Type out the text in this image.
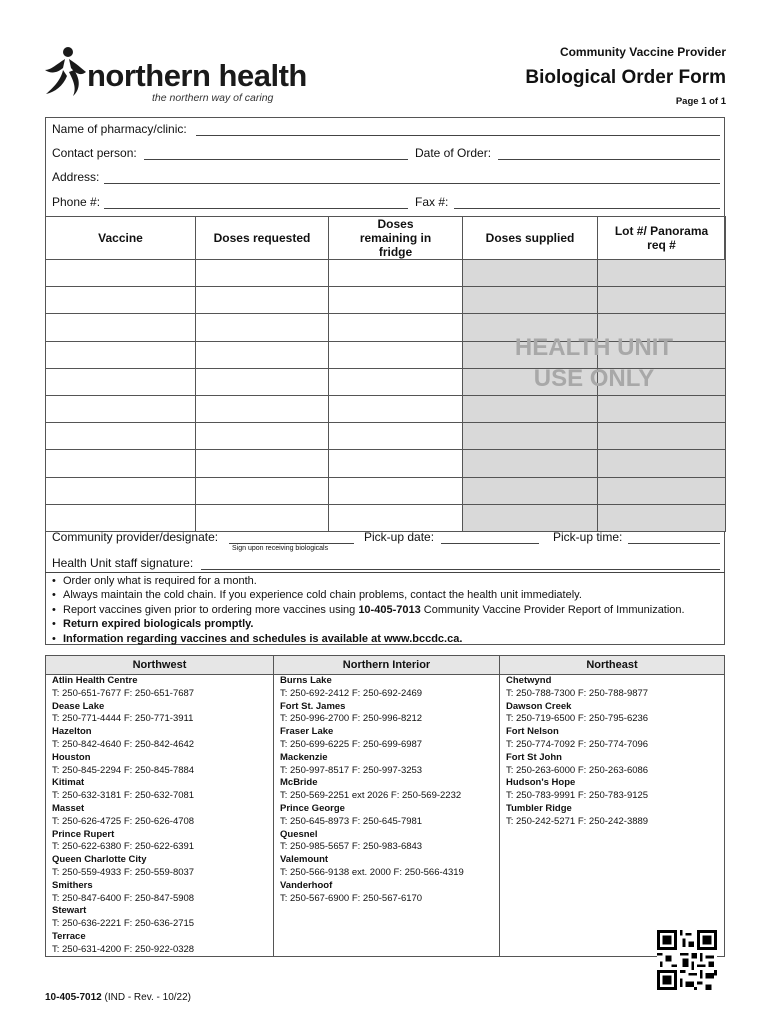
northern health
the northern way of caring
Community Vaccine Provider
Biological Order Form
Page 1 of 1
Name of pharmacy/clinic:
Contact person:	Date of Order:
Address:
Phone #:	Fax #:
Vaccine	Doses requested	Doses remaining in fridge	Doses supplied	Lot #/ Panorama req #

HEALTH UNIT
USE ONLY
Community provider/designate:
Sign upon receiving biologicals
Pick-up date:	Pick-up time:
Health Unit staff signature:
• Order only what is required for a month.
• Always maintain the cold chain. If you experience cold chain problems, contact the health unit immediately.
• Report vaccines given prior to ordering more vaccines using 10-405-7013 Community Vaccine Provider Report of Immunization.
• Return expired biologicals promptly.
• Information regarding vaccines and schedules is available at www.bccdc.ca.
Northwest
Atlin Health Centre
T: 250-651-7677 F: 250-651-7687
Dease Lake
T: 250-771-4444 F: 250-771-3911
Hazelton
T: 250-842-4640 F: 250-842-4642
Houston
T: 250-845-2294 F: 250-845-7884
Kitimat
T: 250-632-3181 F: 250-632-7081
Masset
T: 250-626-4725 F: 250-626-4708
Prince Rupert
T: 250-622-6380 F: 250-622-6391
Queen Charlotte City
T: 250-559-4933 F: 250-559-8037
Smithers
T: 250-847-6400 F: 250-847-5908
Stewart
T: 250-636-2221 F: 250-636-2715
Terrace
T: 250-631-4200 F: 250-922-0328
Northern Interior
Burns Lake
T: 250-692-2412 F: 250-692-2469
Fort St. James
T: 250-996-2700 F: 250-996-8212
Fraser Lake
T: 250-699-6225 F: 250-699-6987
Mackenzie
T: 250-997-8517 F: 250-997-3253
McBride
T: 250-569-2251 ext 2026 F: 250-569-2232
Prince George
T: 250-645-8973 F: 250-645-7981
Quesnel
T: 250-985-5657 F: 250-983-6843
Valemount
T: 250-566-9138 ext. 2000 F: 250-566-4319
Vanderhoof
T: 250-567-6900 F: 250-567-6170
Northeast
Chetwynd
T: 250-788-7300 F: 250-788-9877
Dawson Creek
T: 250-719-6500 F: 250-795-6236
Fort Nelson
T: 250-774-7092 F: 250-774-7096
Fort St John
T: 250-263-6000 F: 250-263-6086
Hudson's Hope
T: 250-783-9991 F: 250-783-9125
Tumbler Ridge
T: 250-242-5271 F: 250-242-3889
10-405-7012 (IND - Rev. - 10/22)
